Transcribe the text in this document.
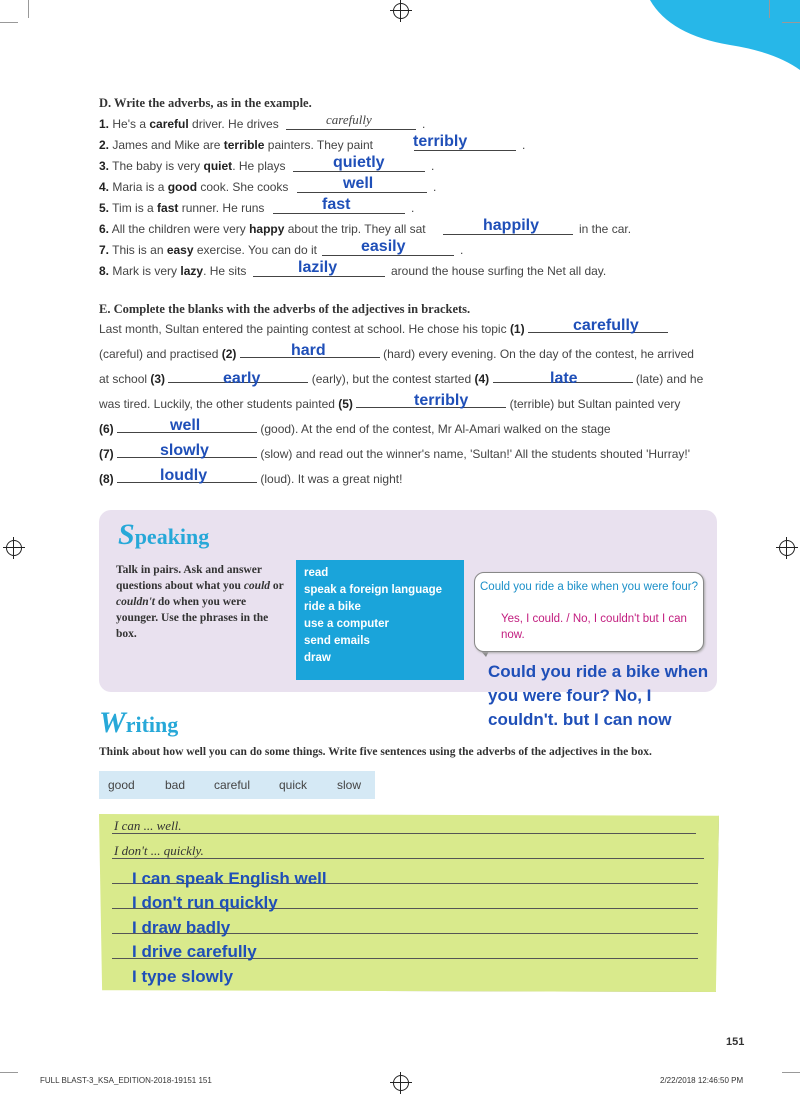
D. Write the adverbs, as in the example.
1. He's a careful driver. He drives	.
carefully
2. James and Mike are terrible painters. They paint	.
terribly
3. The baby is very quiet. He plays	.
quietly
4. Maria is a good cook. She cooks	.
well
5. Tim is a fast runner. He runs	.
fast
6. All the children were very happy about the trip. They all sat	in the car.
happily
7. This is an easy exercise. You can do it	.
easily
8. Mark is very lazy. He sits	around the house surfing the Net all day.
lazily
E. Complete the blanks with the adverbs of the adjectives in brackets.
Last month, Sultan entered the painting contest at school. He chose his topic (1)	carefully
(careful) and practised (2)	(hard) every evening. On the day of the contest, he arrived
hard
at school (3)	(early), but the contest started (4)	(late) and he
early	late
was tired. Luckily, the other students painted (5)	(terrible) but Sultan painted very
terribly
(6)	(good). At the end of the contest, Mr Al-Amari walked on the stage
well
(7)	(slow) and read out the winner's name, 'Sultan!' All the students shouted 'Hurray!'
slowly
(8)	(loud). It was a great night!
loudly
Speaking
Talk in pairs. Ask and answer questions about what you could or couldn't do when you were younger. Use the phrases in the box.
read
speak a foreign language
ride a bike
use a computer
send emails
draw
Could you ride a bike when you were four?
Yes, I could. / No, I couldn't but I can now.
Could you ride a bike when you were four? No, I couldn't. but I can now
Writing
Think about how well you can do some things. Write five sentences using the adverbs of the adjectives in the box.
good	bad careful quick slow
I can ... well.
I don't ... quickly.
I can speak English well
I don't run quickly
I draw badly
I drive carefully
I type slowly
151
FULL BLAST-3_KSA_EDITION-2018-19151 151	2/22/2018 12:46:50 PM
